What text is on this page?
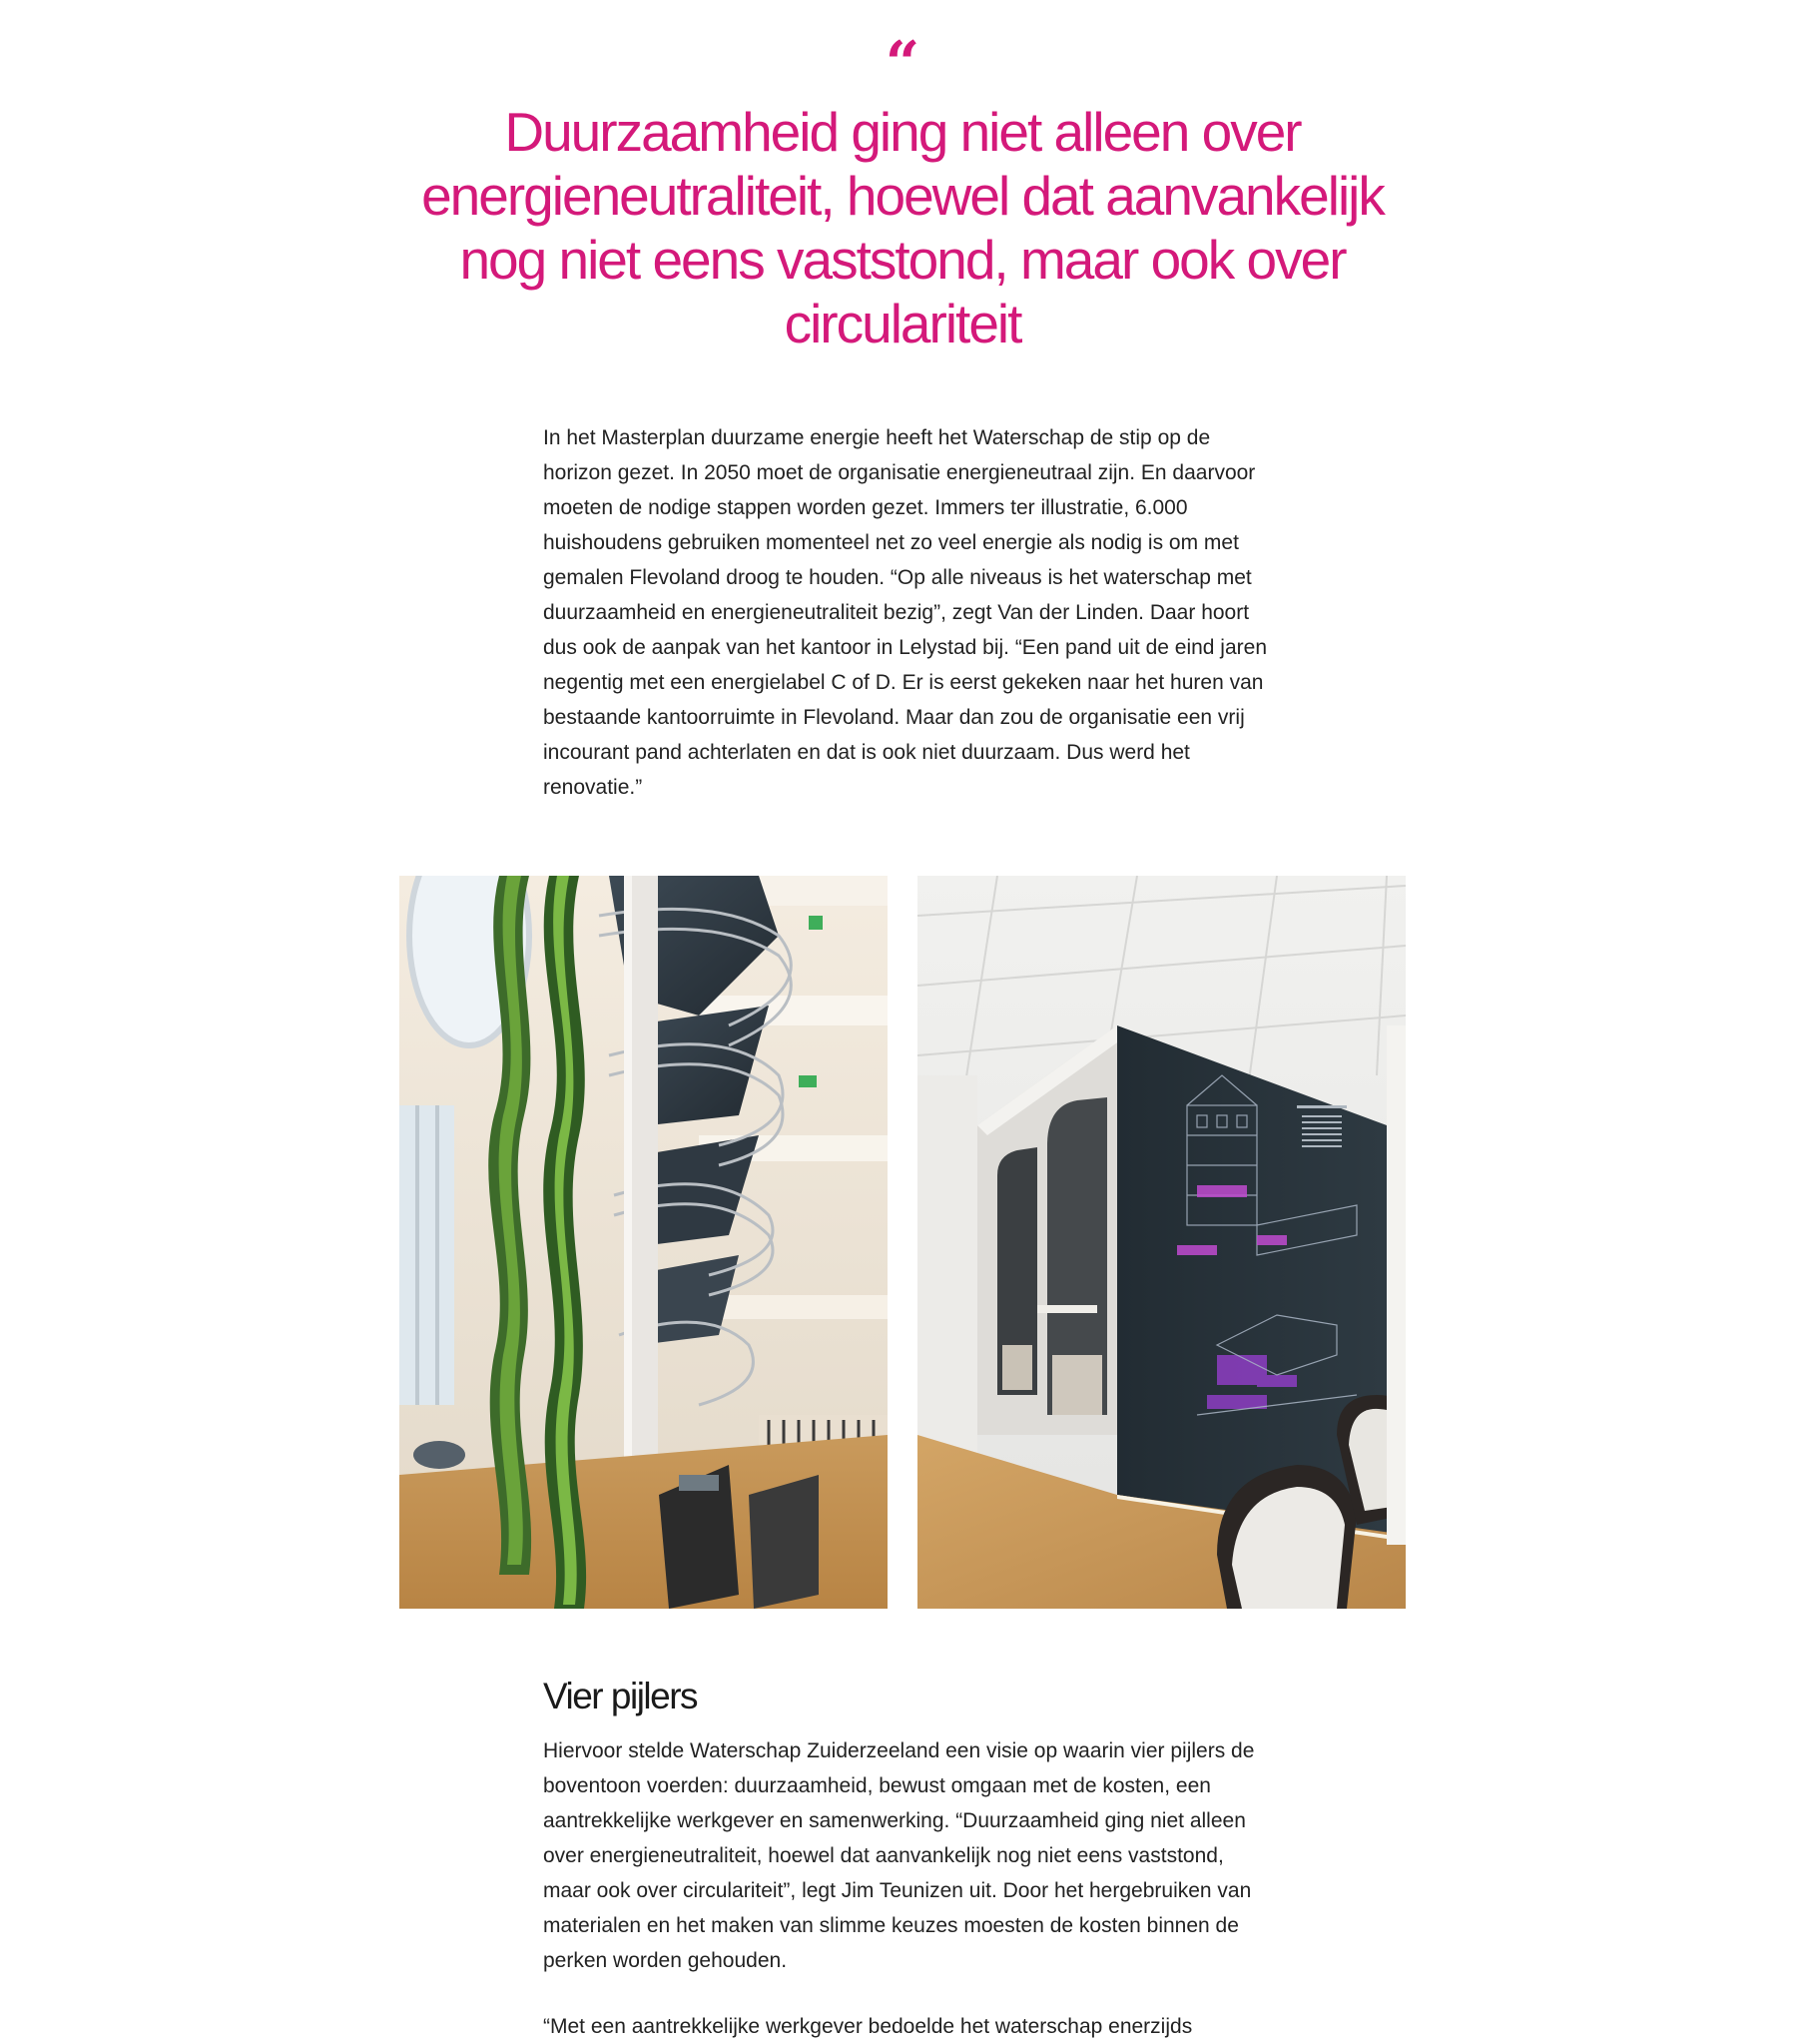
“
Duurzaamheid ging niet alleen over energieneutraliteit, hoewel dat aanvankelijk nog niet eens vaststond, maar ook over circulariteit

In het Masterplan duurzame energie heeft het Waterschap de stip op de horizon gezet. In 2050 moet de organisatie energieneutraal zijn. En daarvoor moeten de nodige stappen worden gezet. Immers ter illustratie, 6.000 huishoudens gebruiken momenteel net zo veel energie als nodig is om met gemalen Flevoland droog te houden. “Op alle niveaus is het waterschap met duurzaamheid en energieneutraliteit bezig”, zegt Van der Linden. Daar hoort dus ook de aanpak van het kantoor in Lelystad bij. “Een pand uit de eind jaren negentig met een energielabel C of D. Er is eerst gekeken naar het huren van bestaande kantoorruimte in Flevoland. Maar dan zou de organisatie een vrij incourant pand achterlaten en dat is ook niet duurzaam. Dus werd het renovatie.”

Vier pijlers

Hiervoor stelde Waterschap Zuiderzeeland een visie op waarin vier pijlers de boventoon voerden: duurzaamheid, bewust omgaan met de kosten, een aantrekkelijke werkgever en samenwerking. “Duurzaamheid ging niet alleen over energieneutraliteit, hoewel dat aanvankelijk nog niet eens vaststond, maar ook over circulariteit”, legt Jim Teunizen uit. Door het hergebruiken van materialen en het maken van slimme keuzes moesten de kosten binnen de perken worden gehouden.

“Met een aantrekkelijke werkgever bedoelde het waterschap enerzijds
